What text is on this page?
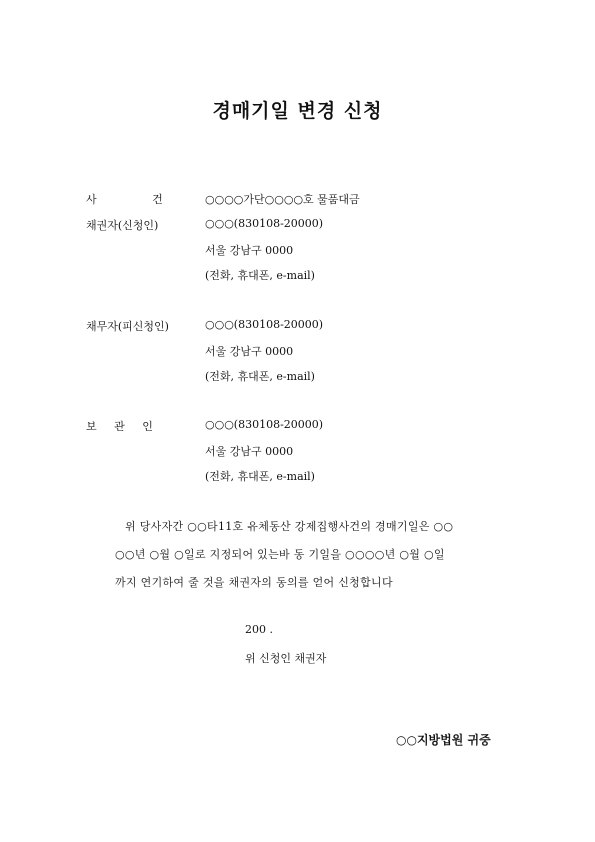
경매기일 변경 신청
사 건 ○○○○가단○○○○호 물품대금
채권자(신청인)	○○○(830108-20000)
서울 강남구 0000
(전화, 휴대폰, e-mail)
채무자(피신청인)	○○○(830108-20000)
서울 강남구 0000
(전화, 휴대폰, e-mail)
보 관 인	○○○(830108-20000)
서울 강남구 0000
(전화, 휴대폰, e-mail)
위 당사자간 ○○타11호 유체동산 강제집행사건의 경매기일은 ○○
○○년 ○월 ○일로 지정되어 있는바 동 기일을 ○○○○년 ○월 ○일
까지 연기하여 줄 것을 채권자의 동의를 얻어 신청합니다
200 .
위 신청인 채권자
○○지방법원 귀중
